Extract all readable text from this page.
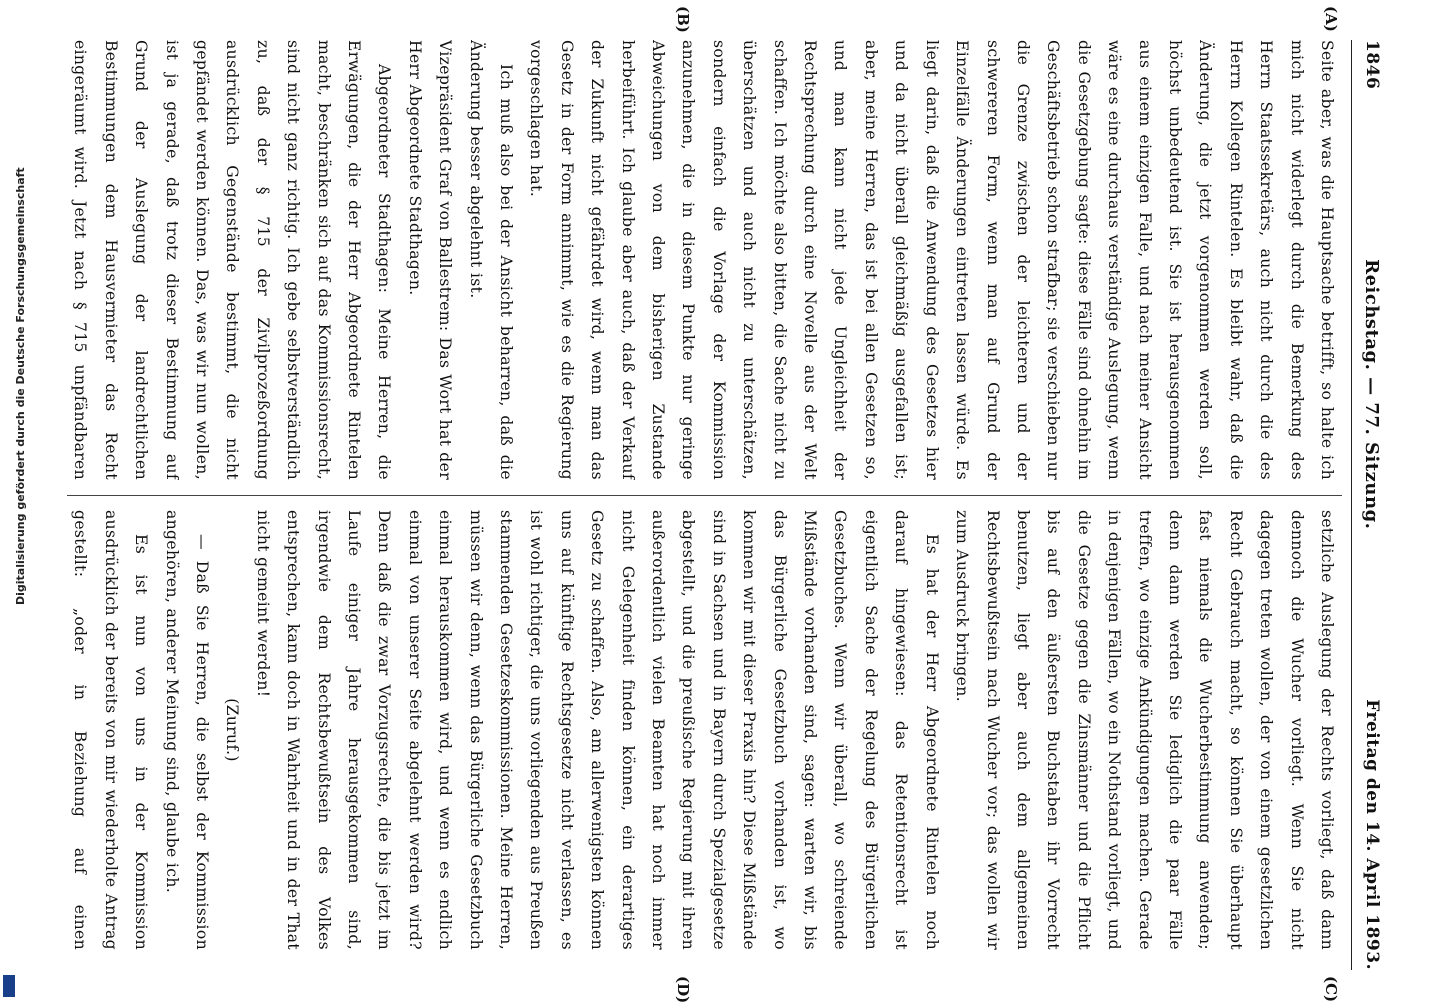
1846
Reichstag. — 77. Sitzung.
Freitag den 14. April 1893.

Seite aber, was die Hauptsache betrifft, so halte ich mich nicht widerlegt durch die Bemerkung des Herrn Staatssekretärs, auch nicht durch die des Herrn Kollegen Rintelen. Es bleibt wahr, daß die Änderung, die jetzt vorgenommen werden soll, höchst unbedeutend ist. Sie ist herausgenommen aus einem einzigen Falle, und nach meiner Ansicht wäre es eine durchaus verständige Auslegung, wenn die Gesetzgebung sagte: diese Fälle sind ohnehin im Geschäftsbetrieb schon strafbar; sie verschieben nur die Grenze zwischen der leichteren und der schwereren Form, wenn man auf Grund der Einzelfälle Änderungen eintreten lassen würde. Es liegt darin, daß die Anwendung des Gesetzes hier und da nicht überall gleichmäßig ausgefallen ist; aber, meine Herren, das ist bei allen Gesetzen so, und man kann nicht jede Ungleichheit der Rechtsprechung durch eine Novelle aus der Welt schaffen. Ich möchte also bitten, die Sache nicht zu überschätzen und auch nicht zu unterschätzen, sondern einfach die Vorlage der Kommission anzunehmen, die in diesem Punkte nur geringe Abweichungen von dem bisherigen Zustande herbeiführt. Ich glaube aber auch, daß der Verkauf der Zukunft nicht gefährdet wird, wenn man das Gesetz in der Form annimmt, wie es die Regierung vorgeschlagen hat.

Ich muß also bei der Ansicht beharren, daß die Änderung besser abgelehnt ist.

Vizepräsident Graf von Ballestrem: Das Wort hat der Herr Abgeordnete Stadthagen.

Abgeordneter Stadthagen: Meine Herren, die Erwägungen, die der Herr Abgeordnete Rintelen macht, beschränken sich auf das Kommissionsrecht, sind nicht ganz richtig. Ich gebe selbstverständlich zu, daß der § 715 der Zivilprozeßordnung ausdrücklich Gegenstände bestimmt, die nicht gepfändet werden können. Das, was wir nun wollen, ist ja gerade, daß trotz dieser Bestimmung auf Grund der Auslegung der landrechtlichen Bestimmungen dem Hausvermieter das Recht eingeräumt wird. Jetzt nach § 715 unpfändbaren

setzliche Auslegung der Rechts vorliegt, daß dann dennoch die Wucher vorliegt. Wenn Sie nicht dagegen treten wollen, der von einem gesetzlichen Recht Gebrauch macht, so können Sie überhaupt fast niemals die Wucherbestimmung anwenden; denn dann werden Sie lediglich die paar Fälle treffen, wo einzige Ankündigungen machen. Gerade in denjenigen Fällen, wo ein Nothstand vorliegt, und die Gesetze gegen die Zinsmänner und die Pflicht bis auf den äußersten Buchstaben ihr Vorrecht benutzen, liegt aber auch dem allgemeinen Rechtsbewußtsein nach Wucher vor; das wollen wir zum Ausdruck bringen.

Es hat der Herr Abgeordnete Rintelen noch darauf hingewiesen: das Retentionsrecht ist eigentlich Sache der Regelung des Bürgerlichen Gesetzbuches. Wenn wir überall, wo schreiende Mißstände vorhanden sind, sagen: warten wir, bis das Bürgerliche Gesetzbuch vorhanden ist, wo kommen wir mit dieser Praxis hin? Diese Mißstände sind in Sachsen und in Bayern durch Spezialgesetze abgestellt, und die preußische Regierung mit ihren außerordentlich vielen Beamten hat noch immer nicht Gelegenheit finden können, ein derartiges Gesetz zu schaffen. Also, am allerwenigsten können uns auf künftige Rechtsgesetze nicht verlassen, es ist wohl richtiger, die uns vorliegenden aus Preußen stammenden Gesetzeskommissionen. Meine Herren, müssen wir denn, wenn das Bürgerliche Gesetzbuch einmal herauskommen wird, und wenn es endlich einmal von unserer Seite abgelehnt werden wird? Denn daß die zwar Vorzugsrechte, die bis jetzt im Laufe einiger Jahre herausgekommen sind, irgendwie dem Rechtsbewußtsein des Volkes entsprechen, kann doch in Wahrheit und in der That nicht gemeint werden!

(Zuruf.)

— Daß Sie Herren, die selbst der Kommission angehören, anderer Meinung sind, glaube ich.

Es ist nun von uns in der Kommission ausdrücklich der bereits von mir wiederholte Antrag gestellt: „oder in Beziehung auf einen

(A)
(B)
(C)
(D)
Digitalisierung gefördert durch die Deutsche Forschungsgemeinschaft
